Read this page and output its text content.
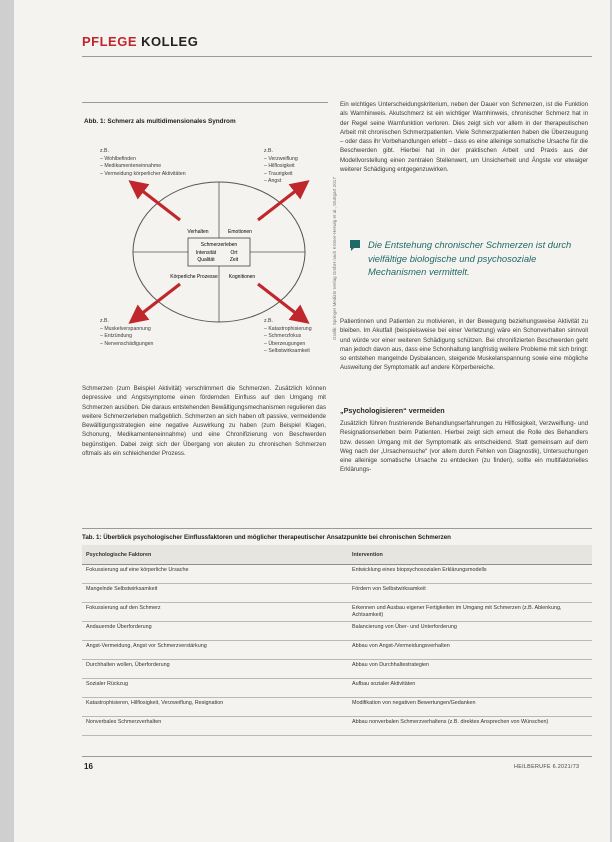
PFLEGE KOLLEG
Abb. 1: Schmerz als multidimensionales Syndrom
z.B.
– Wohlbefinden
– Medikamenteneinnahme
– Vermeidung körperlicher Aktivitäten
z.B.
– Verzweiflung
– Hilflosigkeit
– Traurigkeit
– Angst
z.B.
– Muskelverspannung
– Entzündung
– Nervenschädigungen
z.B.
– Katastrophisierung
– Schmerzfokus
– Überzeugungen
– Selbstwirksamkeit
Schmerzerleben
Intensität	Ort
Qualität	Zeit
Verhalten	Emotionen
Körperliche Prozesse Kognitionen	Grafik: Springer Medizin Verlag GmbH nach Kröner-Herwig et al., Stuttgart 2017

Schmerzen (zum Beispiel Aktivität) verschlimmert die Schmerzen. Zusätzlich können depressive und Angstsymptome einen fördernden Einfluss auf den Umgang mit Schmerzen ausüben. Die daraus entstehenden Bewältigungsmechanismen regulieren das weitere Schmerzerleben maßgeblich. Schmerzen an sich haben oft passive, vermeidende Bewältigungsstrategien eine negative Auswirkung zu haben (zum Beispiel Klagen, Schonung, Medikamenteneinnahme) und eine Chronifizierung von Beschwerden begünstigen. Dabei zeigt sich der Übergang von akuten zu chronischen Schmerzen oftmals als ein schleichender Prozess.

Ein wichtiges Unterscheidungskriterium, neben der Dauer von Schmerzen, ist die Funktion als Warnhinweis. Akutschmerz ist ein wichtiger Warnhinweis, chronischer Schmerz hat in der Regel seine Warnfunktion verloren. Dies zeigt sich vor allem in der therapeutischen Arbeit mit chronischen Schmerzpatienten. Viele Schmerzpatienten haben die Überzeugung – oder dass ihr Vorbehandlungen erlebt – dass es eine alleinige somatische Ursache für die Beschwerden gibt. Hierbei hat in der praktischen Arbeit und Praxis aus der Modellvorstellung einen zentralen Stellenwert, um Unsicherheit und Ängste vor etwaiger weiterer Schädigung entgegenzuwirken.

Die Entstehung chronischer Schmerzen ist durch vielfältige biologische und psychosoziale Mechanismen vermittelt.

Patientinnen und Patienten zu motivieren, in der Bewegung beziehungsweise Aktivität zu bleiben. Im Akutfall (beispielsweise bei einer Verletzung) wäre ein Schonverhalten sinnvoll und würde vor einer weiteren Schädigung schützen. Bei chronifizierten Beschwerden geht man jedoch davon aus, dass eine Schonhaltung langfristig weitere Probleme mit sich bringt: so entstehen mangelnde Dysbalancen, steigende Muskelanspannung sowie eine mögliche Ausweitung der Symptomatik auf andere Körperbereiche.

„Psychologisieren“ vermeiden

Zusätzlich führen frustrierende Behandlungserfahrungen zu Hilflosigkeit, Verzweiflung- und Resignationserleben beim Patienten. Hierbei zeigt sich erneut die Rolle des Behandlers bzw. dessen Umgang mit der Symptomatik als entscheidend. Statt gemeinsam auf dem Weg nach der „Ursachensuche“ (vor allem durch Fehlen von Diagnostik), Untersuchungen eine alleinige somatische Ursache zu entdecken (zu finden), sollte ein multifaktorielles Erklärungs-

Tab. 1: Überblick psychologischer Einflussfaktoren und möglicher therapeutischer Ansatzpunkte bei chronischen Schmerzen
Psychologische Faktoren	Intervention
Fokussierung auf eine körperliche Ursache	Entwicklung eines biopsychosozialen Erklärungsmodells
Mangelnde Selbstwirksamkeit	Fördern von Selbstwirksamkeit
Fokussierung auf den Schmerz	Erkennen und Ausbau eigener Fertigkeiten im Umgang mit Schmerzen (z.B. Ablenkung, Achtsamkeit)
Andauernde Überforderung	Balancierung von Über- und Unterforderung
Angst-Vermeidung, Angst vor Schmerzverstärkung	Abbau von Angst-/Vermeidungsverhalten
Durchhalten wollen, Überforderung	Abbau von Durchhaltestrategien
Sozialer Rückzug	Aufbau sozialer Aktivitäten
Katastrophisieren, Hilflosigkeit, Verzweiflung, Resignation	Modifikation von negativen Bewertungen/Gedanken
Nonverbales Schmerzverhalten	Abbau nonverbalen Schmerzverhaltens (z.B. direktes Ansprechen von Wünschen)
16	HEILBERUFE 6.2021/73
